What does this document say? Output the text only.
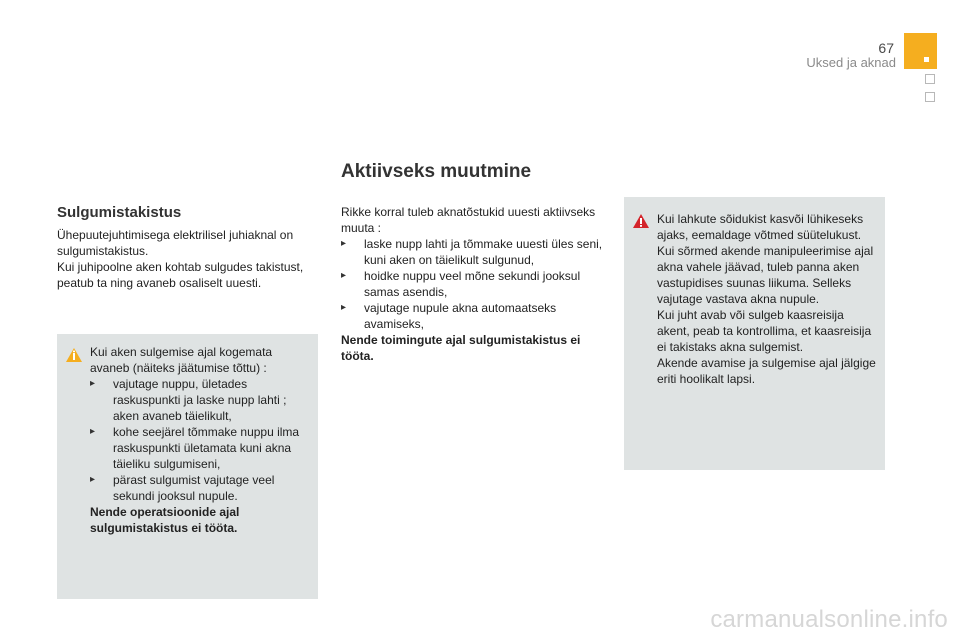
67
Uksed ja aknad
Aktiivseks muutmine
Sulgumistakistus

Ühepuutejuhtimisega elektrilisel juhiaknal on sulgumistakistus.

Kui juhipoolne aken kohtab sulgudes takistust, peatub ta ning avaneb osaliselt uuesti.

Kui aken sulgemise ajal kogemata avaneb (näiteks jäätumise tõttu) :

▸ vajutage nuppu, ületades raskuspunkti ja laske nupp lahti ; aken avaneb täielikult,
▸ kohe seejärel tõmmake nuppu ilma raskuspunkti ületamata kuni akna täieliku sulgumiseni,
▸ pärast sulgumist vajutage veel sekundi jooksul nupule.

Nende operatsioonide ajal sulgumistakistus ei tööta.

Rikke korral tuleb aknatõstukid uuesti aktiivseks muuta :

▸ laske nupp lahti ja tõmmake uuesti üles seni, kuni aken on täielikult sulgunud,
▸ hoidke nuppu veel mõne sekundi jooksul samas asendis,
▸ vajutage nupule akna automaatseks avamiseks,

Nende toimingute ajal sulgumistakistus ei tööta.

Kui lahkute sõidukist kasvõi lühikeseks ajaks, eemaldage võtmed süütelukust.

Kui sõrmed akende manipuleerimise ajal akna vahele jäävad, tuleb panna aken vastupidises suunas liikuma. Selleks vajutage vastava akna nupule.

Kui juht avab või sulgeb kaasreisija akent, peab ta kontrollima, et kaasreisija ei takistaks akna sulgemist.

Akende avamise ja sulgemise ajal jälgige eriti hoolikalt lapsi.

carmanualsonline.info
